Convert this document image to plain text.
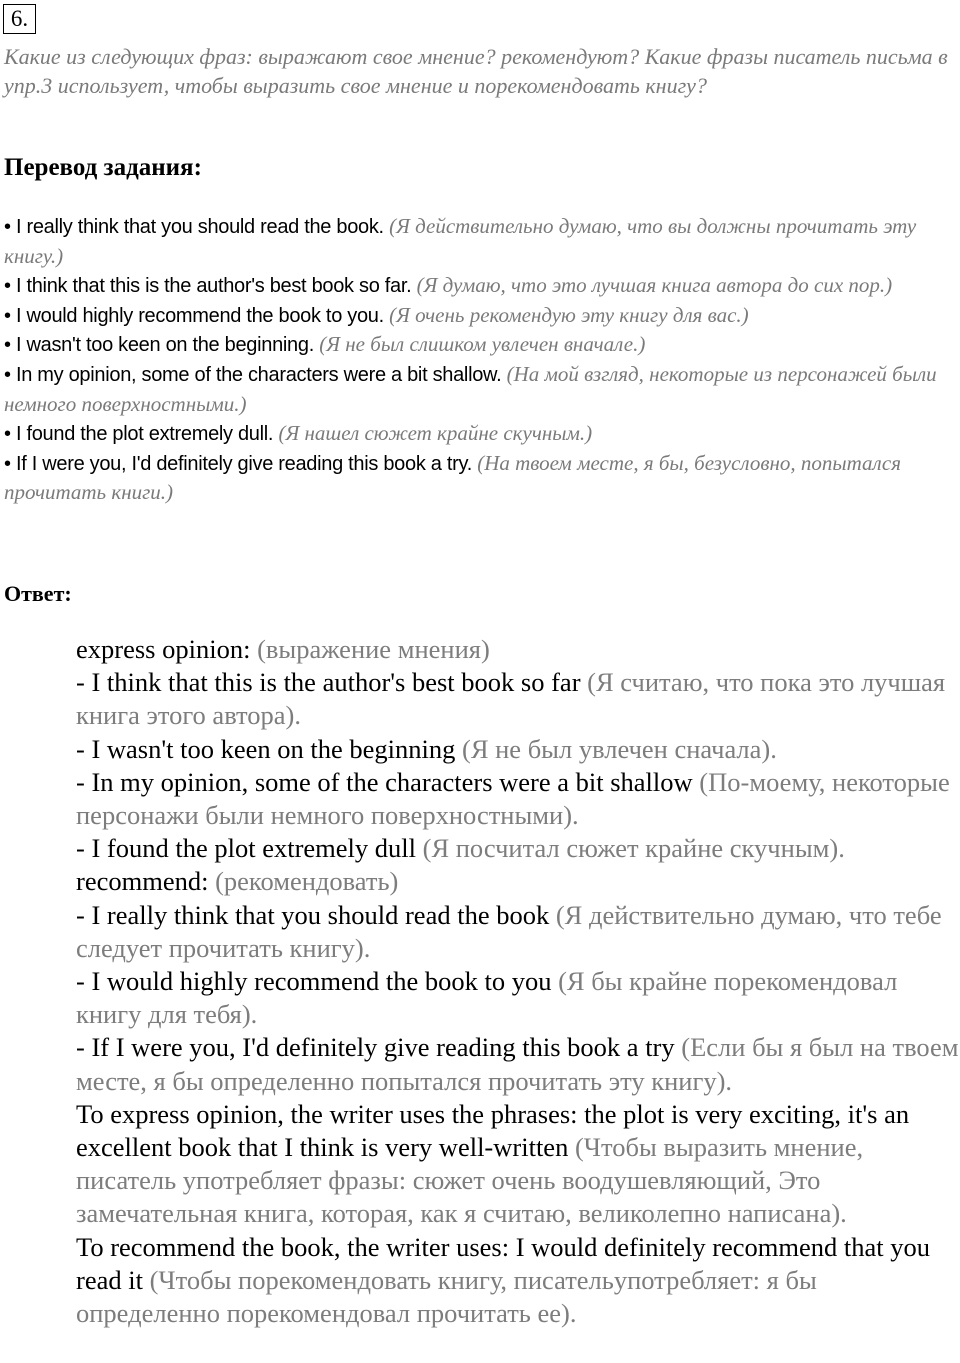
6.
Какие из следующих фраз: выражают свое мнение? рекомендуют? Какие фразы писатель письма в упр.3 использует, чтобы выразить свое мнение и порекомендовать книгу?
Перевод задания:
• I really think that you should read the book. (Я действительно думаю, что вы должны прочитать эту книгу.)
• I think that this is the author's best book so far. (Я думаю, что это лучшая книга автора до сих пор.)
• I would highly recommend the book to you. (Я очень рекомендую эту книгу для вас.)
• I wasn't too keen on the beginning. (Я не был слишком увлечен вначале.)
• In my opinion, some of the characters were a bit shallow. (На мой взгляд, некоторые из персонажей были немного поверхностными.)
• I found the plot extremely dull. (Я нашел сюжет крайне скучным.)
• If I were you, I'd definitely give reading this book a try. (На твоем месте, я бы, безусловно, попытался прочитать книги.)
Ответ:

express opinion: (выражение мнения)

- I think that this is the author's best book so far (Я считаю, что пока это лучшая книга этого автора).

- I wasn't too keen on the beginning (Я не был увлечен сначала).

- In my opinion, some of the characters were a bit shallow (По-моему, некоторые персонажи были немного поверхностными).

- I found the plot extremely dull (Я посчитал сюжет крайне скучным).

recommend: (рекомендовать)

- I really think that you should read the book (Я действительно думаю, что тебе следует прочитать книгу).

- I would highly recommend the book to you (Я бы крайне порекомендовал книгу для тебя).

- If I were you, I'd definitely give reading this book a try (Если бы я был на твоем месте, я бы определенно попытался прочитать эту книгу).

To express opinion, the writer uses the phrases: the plot is very exciting, it's an excellent book that I think is very well-written (Чтобы выразить мнение, писатель употребляет фразы: сюжет очень воодушевляющий, Это замечательная книга, которая, как я считаю, великолепно написана).

To recommend the book, the writer uses: I would definitely recommend that you read it (Чтобы порекомендовать книгу, писательупотребляет: я бы определенно порекомендовал прочитать ее).
